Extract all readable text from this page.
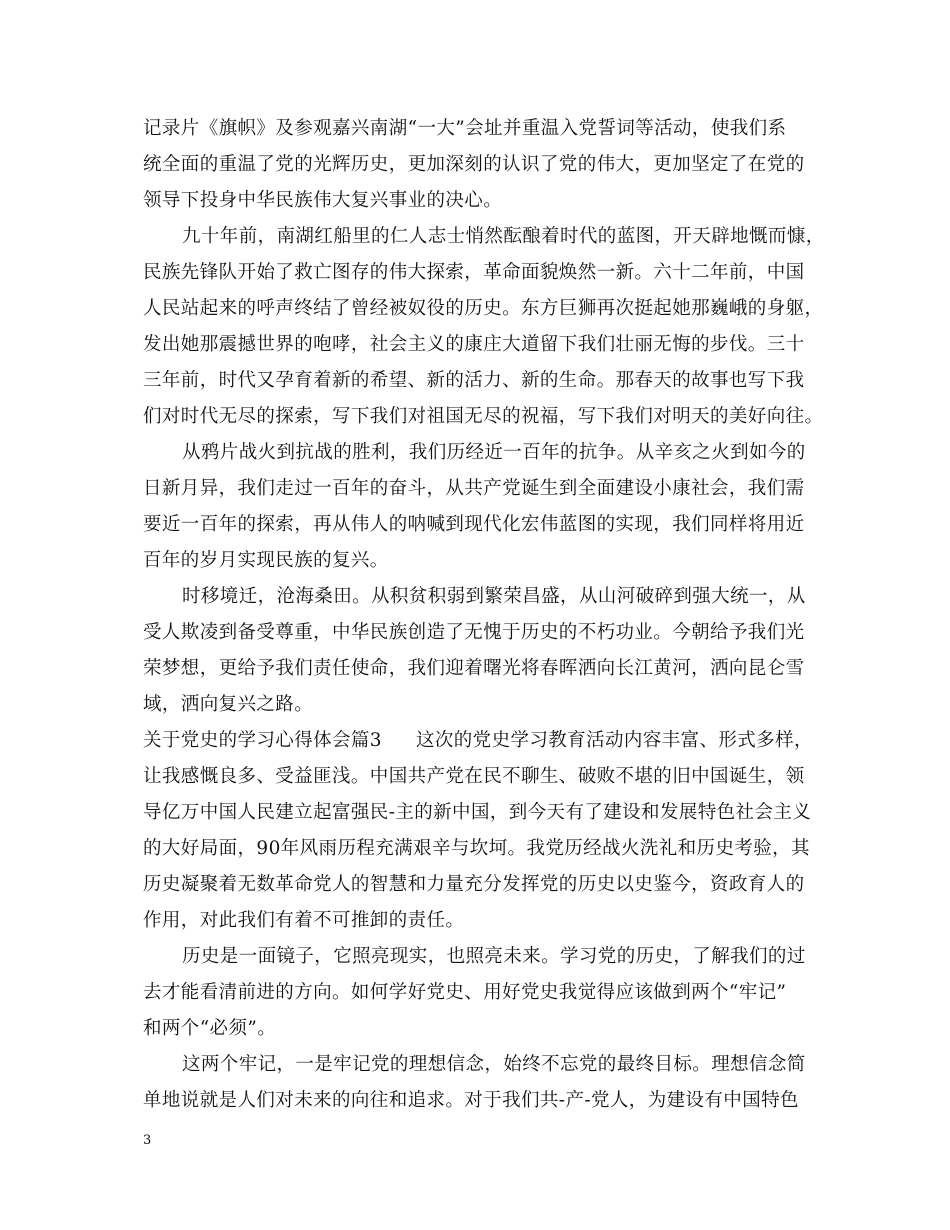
记录片《旗帜》及参观嘉兴南湖“一大”会址并重温入党誓词等活动，使我们系
统全面的重温了党的光辉历史，更加深刻的认识了党的伟大，更加坚定了在党的
领导下投身中华民族伟大复兴事业的决心。
九十年前，南湖红船里的仁人志士悄然酝酿着时代的蓝图，开天辟地慨而慷，
民族先锋队开始了救亡图存的伟大探索，革命面貌焕然一新。六十二年前，中国
人民站起来的呼声终结了曾经被奴役的历史。东方巨狮再次挺起她那巍峨的身躯，
发出她那震撼世界的咆哮，社会主义的康庄大道留下我们壮丽无悔的步伐。三十
三年前，时代又孕育着新的希望、新的活力、新的生命。那春天的故事也写下我
们对时代无尽的探索，写下我们对祖国无尽的祝福，写下我们对明天的美好向往。
从鸦片战火到抗战的胜利，我们历经近一百年的抗争。从辛亥之火到如今的
日新月异，我们走过一百年的奋斗，从共产党诞生到全面建设小康社会，我们需
要近一百年的探索，再从伟人的呐喊到现代化宏伟蓝图的实现，我们同样将用近
百年的岁月实现民族的复兴。
时移境迁，沧海桑田。从积贫积弱到繁荣昌盛，从山河破碎到强大统一，从
受人欺凌到备受尊重，中华民族创造了无愧于历史的不朽功业。今朝给予我们光
荣梦想，更给予我们责任使命，我们迎着曙光将春晖洒向长江黄河，洒向昆仑雪
域，洒向复兴之路。
关于党史的学习心得体会篇3 这次的党史学习教育活动内容丰富、形式多样，
让我感慨良多、受益匪浅。中国共产党在民不聊生、破败不堪的旧中国诞生，领
导亿万中国人民建立起富强民-主的新中国，到今天有了建设和发展特色社会主义
的大好局面，90年风雨历程充满艰辛与坎坷。我党历经战火洗礼和历史考验，其
历史凝聚着无数革命党人的智慧和力量充分发挥党的历史以史鉴今，资政育人的
作用，对此我们有着不可推卸的责任。
历史是一面镜子，它照亮现实，也照亮未来。学习党的历史，了解我们的过
去才能看清前进的方向。如何学好党史、用好党史我觉得应该做到两个“牢记”
和两个“必须”。
这两个牢记，一是牢记党的理想信念，始终不忘党的最终目标。理想信念简
单地说就是人们对未来的向往和追求。对于我们共-产-党人，为建设有中国特色
3
